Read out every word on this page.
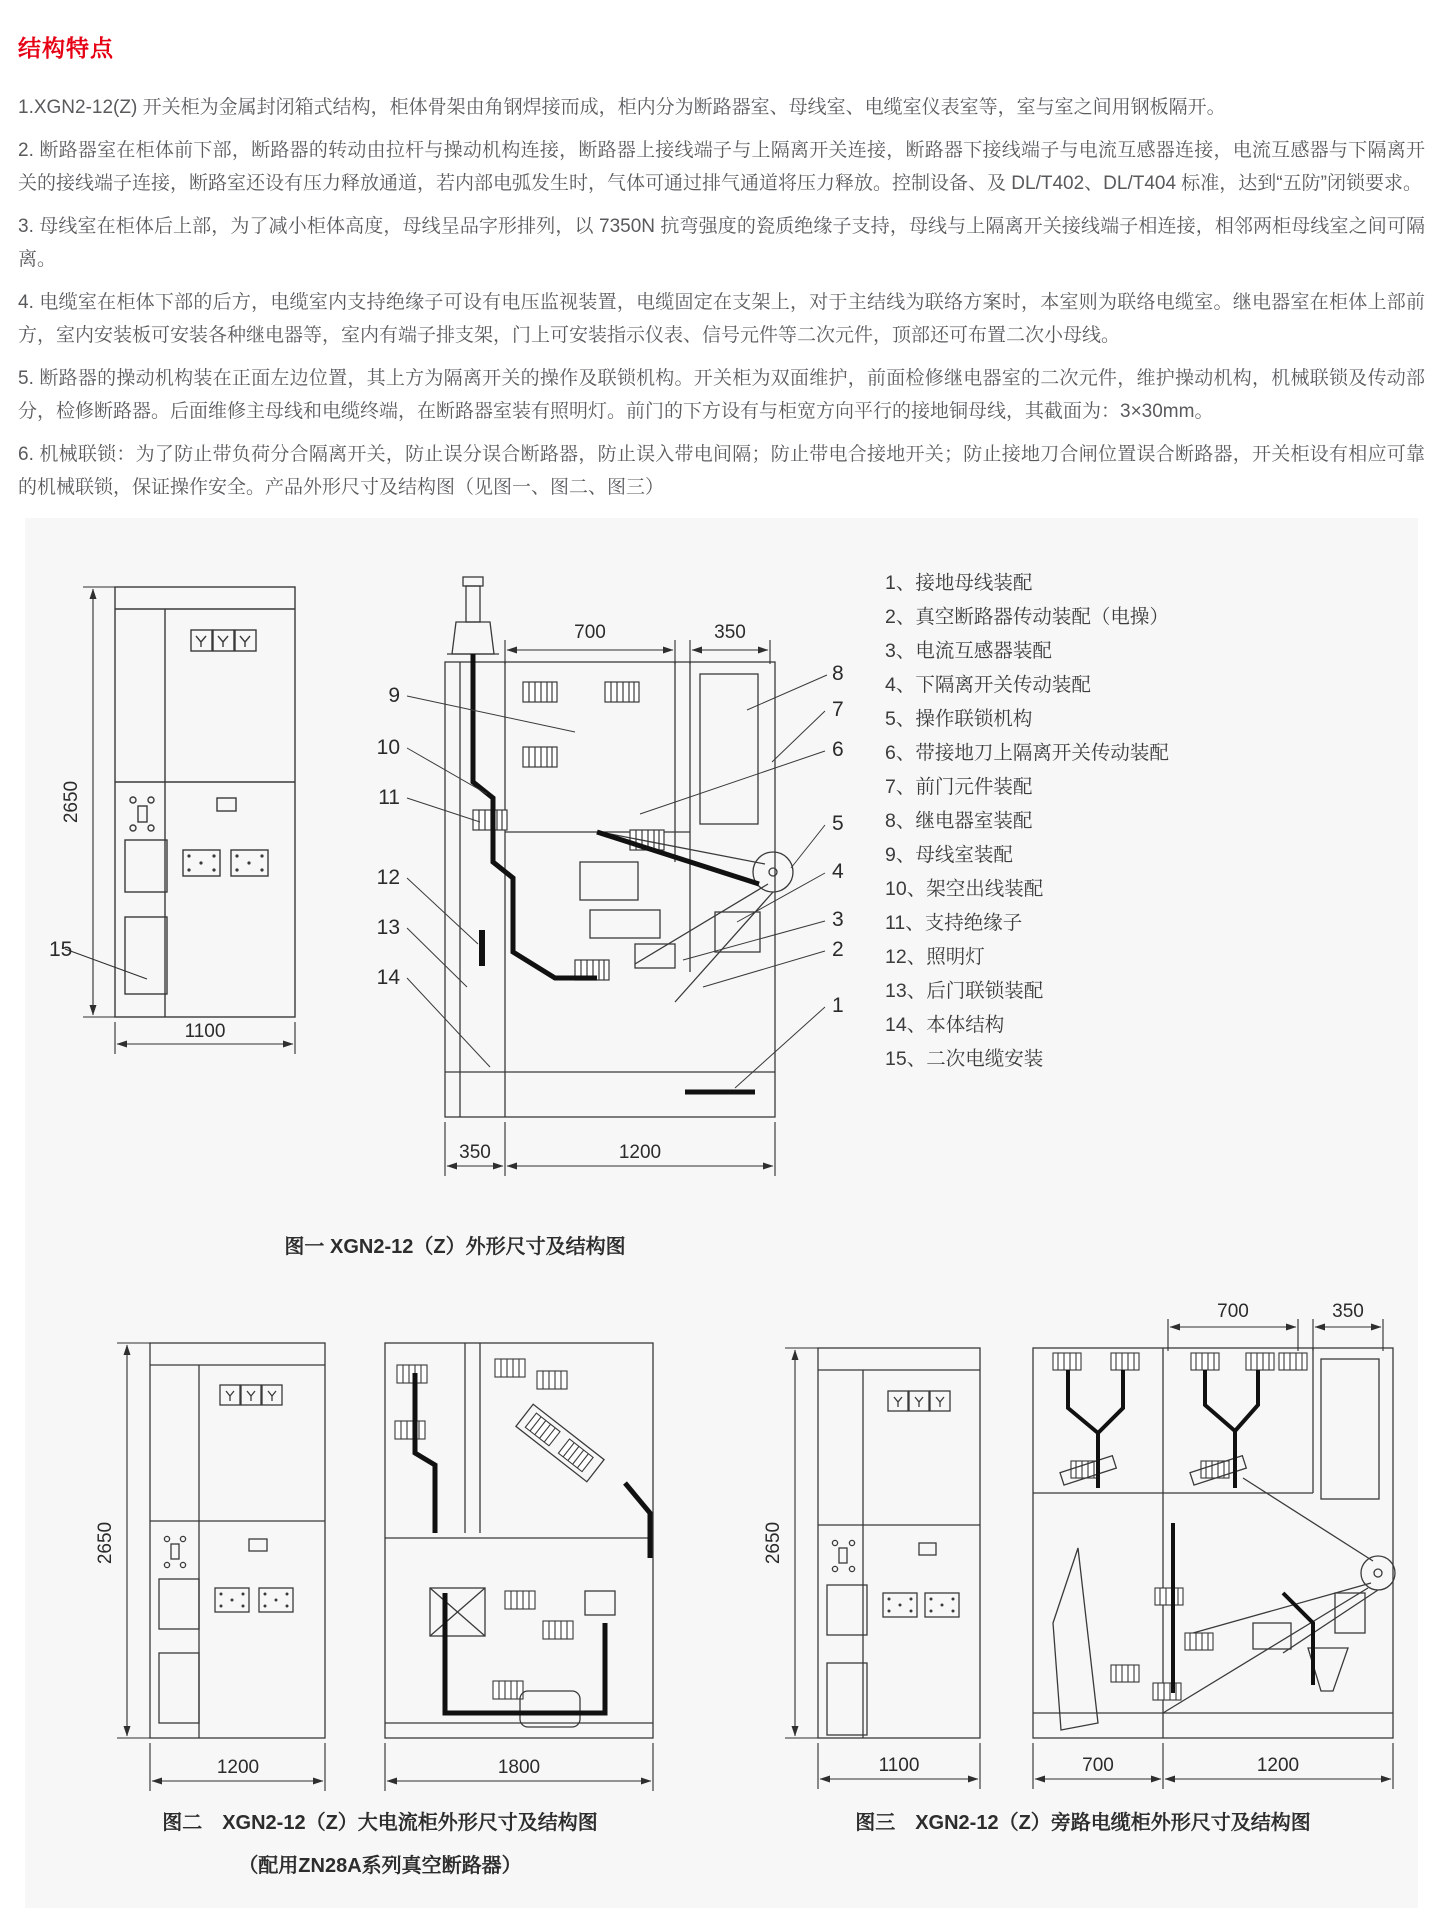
结构特点

1.XGN2-12(Z) 开关柜为金属封闭箱式结构，柜体骨架由角钢焊接而成，柜内分为断路器室、母线室、电缆室仪表室等，室与室之间用钢板隔开。

2. 断路器室在柜体前下部，断路器的转动由拉杆与操动机构连接，断路器上接线端子与上隔离开关连接，断路器下接线端子与电流互感器连接，电流互感器与下隔离开关的接线端子连接，断路室还设有压力释放通道，若内部电弧发生时，气体可通过排气通道将压力释放。控制设备、及 DL/T402、DL/T404 标准，达到“五防”闭锁要求。

3. 母线室在柜体后上部，为了减小柜体高度，母线呈品字形排列，以 7350N 抗弯强度的瓷质绝缘子支持，母线与上隔离开关接线端子相连接，相邻两柜母线室之间可隔离。

4. 电缆室在柜体下部的后方，电缆室内支持绝缘子可设有电压监视装置，电缆固定在支架上，对于主结线为联络方案时，本室则为联络电缆室。继电器室在柜体上部前方，室内安装板可安装各种继电器等，室内有端子排支架，门上可安装指示仪表、信号元件等二次元件，顶部还可布置二次小母线。

5. 断路器的操动机构装在正面左边位置，其上方为隔离开关的操作及联锁机构。开关柜为双面维护，前面检修继电器室的二次元件，维护操动机构，机械联锁及传动部分，检修断路器。后面维修主母线和电缆终端，在断路器室装有照明灯。前门的下方设有与柜宽方向平行的接地铜母线，其截面为：3×30mm。

6. 机械联锁：为了防止带负荷分合隔离开关，防止误分误合断路器，防止误入带电间隔；防止带电合接地开关；防止接地刀合闸位置误合断路器，开关柜设有相应可靠的机械联锁，保证操作安全。产品外形尺寸及结构图（见图一、图二、图三）

2650
1100
15
700	350
350	1200
9
10
11
12
13
14
8
7
6
5
4
3
2
1
图一 XGN2-12（Z）外形尺寸及结构图
1、接地母线装配
2、真空断路器传动装配（电操）
3、电流互感器装配
4、下隔离开关传动装配
5、操作联锁机构
6、带接地刀上隔离开关传动装配
7、前门元件装配
8、继电器室装配
9、母线室装配
10、架空出线装配
11、支持绝缘子
12、照明灯
13、后门联锁装配
14、本体结构
15、二次电缆安装
2650
1200	1800
图二　XGN2-12（Z）大电流柜外形尺寸及结构图
（配用ZN28A系列真空断路器）
2650
1100
700	350
700	1200
图三　XGN2-12（Z）旁路电缆柜外形尺寸及结构图
